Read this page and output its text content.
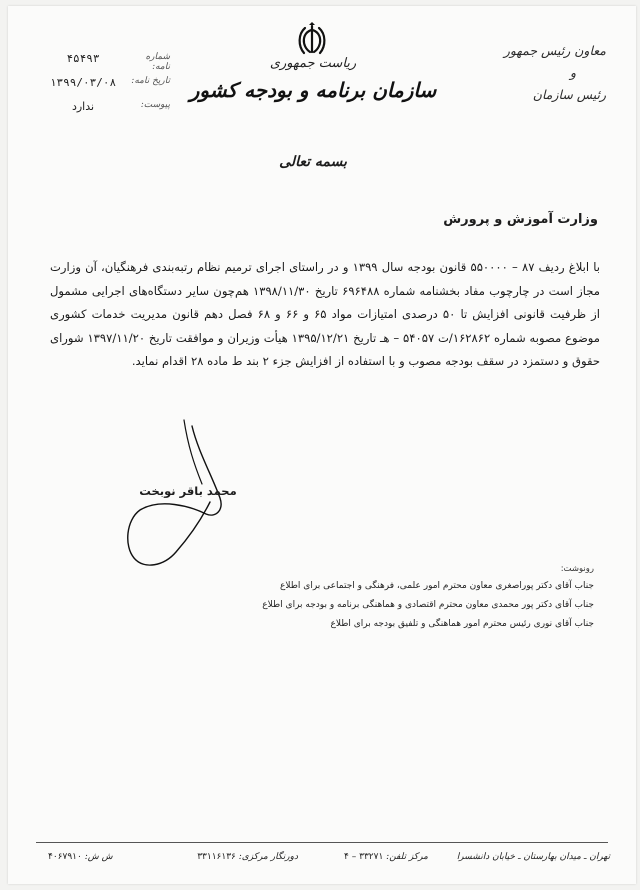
معاون رئیس جمهور
و
رئیس سازمان
ریاست جمهوری
سازمان برنامه و بودجه کشور
۴۵۴۹۳	شماره نامه:
۱۳۹۹/۰۳/۰۸	تاریخ نامه:
ندارد	پیوست:
بسمه تعالی
وزارت آموزش و پرورش
با ابلاغ ردیف ۸۷ – ۵۵۰۰۰۰ قانون بودجه سال ۱۳۹۹ و در راستای اجرای ترمیم نظام رتبه‌بندی فرهنگیان، آن وزارت مجاز است در چارچوب مفاد بخشنامه شماره ۶۹۶۴۸۸ تاریخ ۱۳۹۸/۱۱/۳۰ هم‌چون سایر دستگاه‌های اجرایی مشمول از ظرفیت قانونی افزایش تا ۵۰ درصدی امتیازات مواد ۶۵ و ۶۶ و ۶۸ فصل دهم قانون مدیریت خدمات کشوری موضوع مصوبه شماره ۱۶۲۸۶۲/ت ۵۴۰۵۷ – هـ تاریخ ۱۳۹۵/۱۲/۲۱ هیأت وزیران و موافقت تاریخ ۱۳۹۷/۱۱/۲۰ شورای حقوق و دستمزد در سقف بودجه مصوب و با استفاده از افزایش جزء ۲ بند ط ماده ۲۸ اقدام نماید.
محمد باقر نوبخت
رونوشت:
جناب آقای دکتر پوراصغری معاون محترم امور علمی، فرهنگی و اجتماعی برای اطلاع
جناب آقای دکتر پور محمدی معاون محترم اقتصادی و هماهنگی برنامه و بودجه برای اطلاع
جناب آقای نوری رئیس محترم امور هماهنگی و تلفیق بودجه برای اطلاع
تهران ـ میدان بهارستان ـ خیابان دانشسرا
مرکز تلفن: ۳۳۲۷۱ – ۴
دورنگار مرکزی: ۳۳۱۱۶۱۳۶
ش ش: ۴۰۶۷۹۱۰
